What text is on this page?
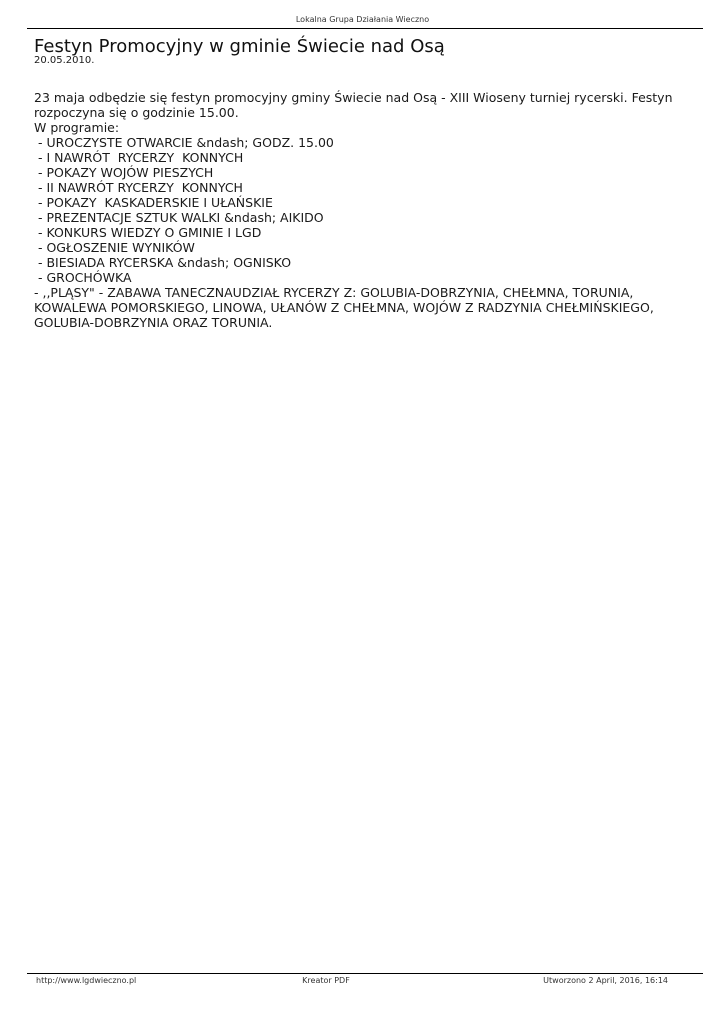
Lokalna Grupa Działania Wieczno
Festyn Promocyjny w gminie Świecie nad Osą
20.05.2010.

23 maja odbędzie się festyn promocyjny gminy Świecie nad Osą - XIII Wioseny turniej rycerski. Festyn rozpoczyna się o godzinie 15.00.

W programie:

- UROCZYSTE OTWARCIE &ndash; GODZ. 15.00
- I NAWRÓT  RYCERZY  KONNYCH
- POKAZY WOJÓW PIESZYCH
- II NAWRÓT RYCERZY  KONNYCH
- POKAZY  KASKADERSKIE I UŁAŃSKIE
- PREZENTACJE SZTUK WALKI &ndash; AIKIDO
- KONKURS WIEDZY O GMINIE I LGD
- OGŁOSZENIE WYNIKÓW
- BIESIADA RYCERSKA &ndash; OGNISKO
- GROCHÓWKA
- ,,PLĄSY" - ZABAWA TANECZNAUDZIAŁ RYCERZY Z: GOLUBIA-DOBRZYNIA, CHEŁMNA, TORUNIA, KOWALEWA POMORSKIEGO, LINOWA, UŁANÓW Z CHEŁMNA, WOJÓW Z RADZYNIA CHEŁMIŃSKIEGO, GOLUBIA-DOBRZYNIA ORAZ TORUNIA.
http://www.lgdwieczno.pl	Kreator PDF	Utworzono 2 April, 2016, 16:14
